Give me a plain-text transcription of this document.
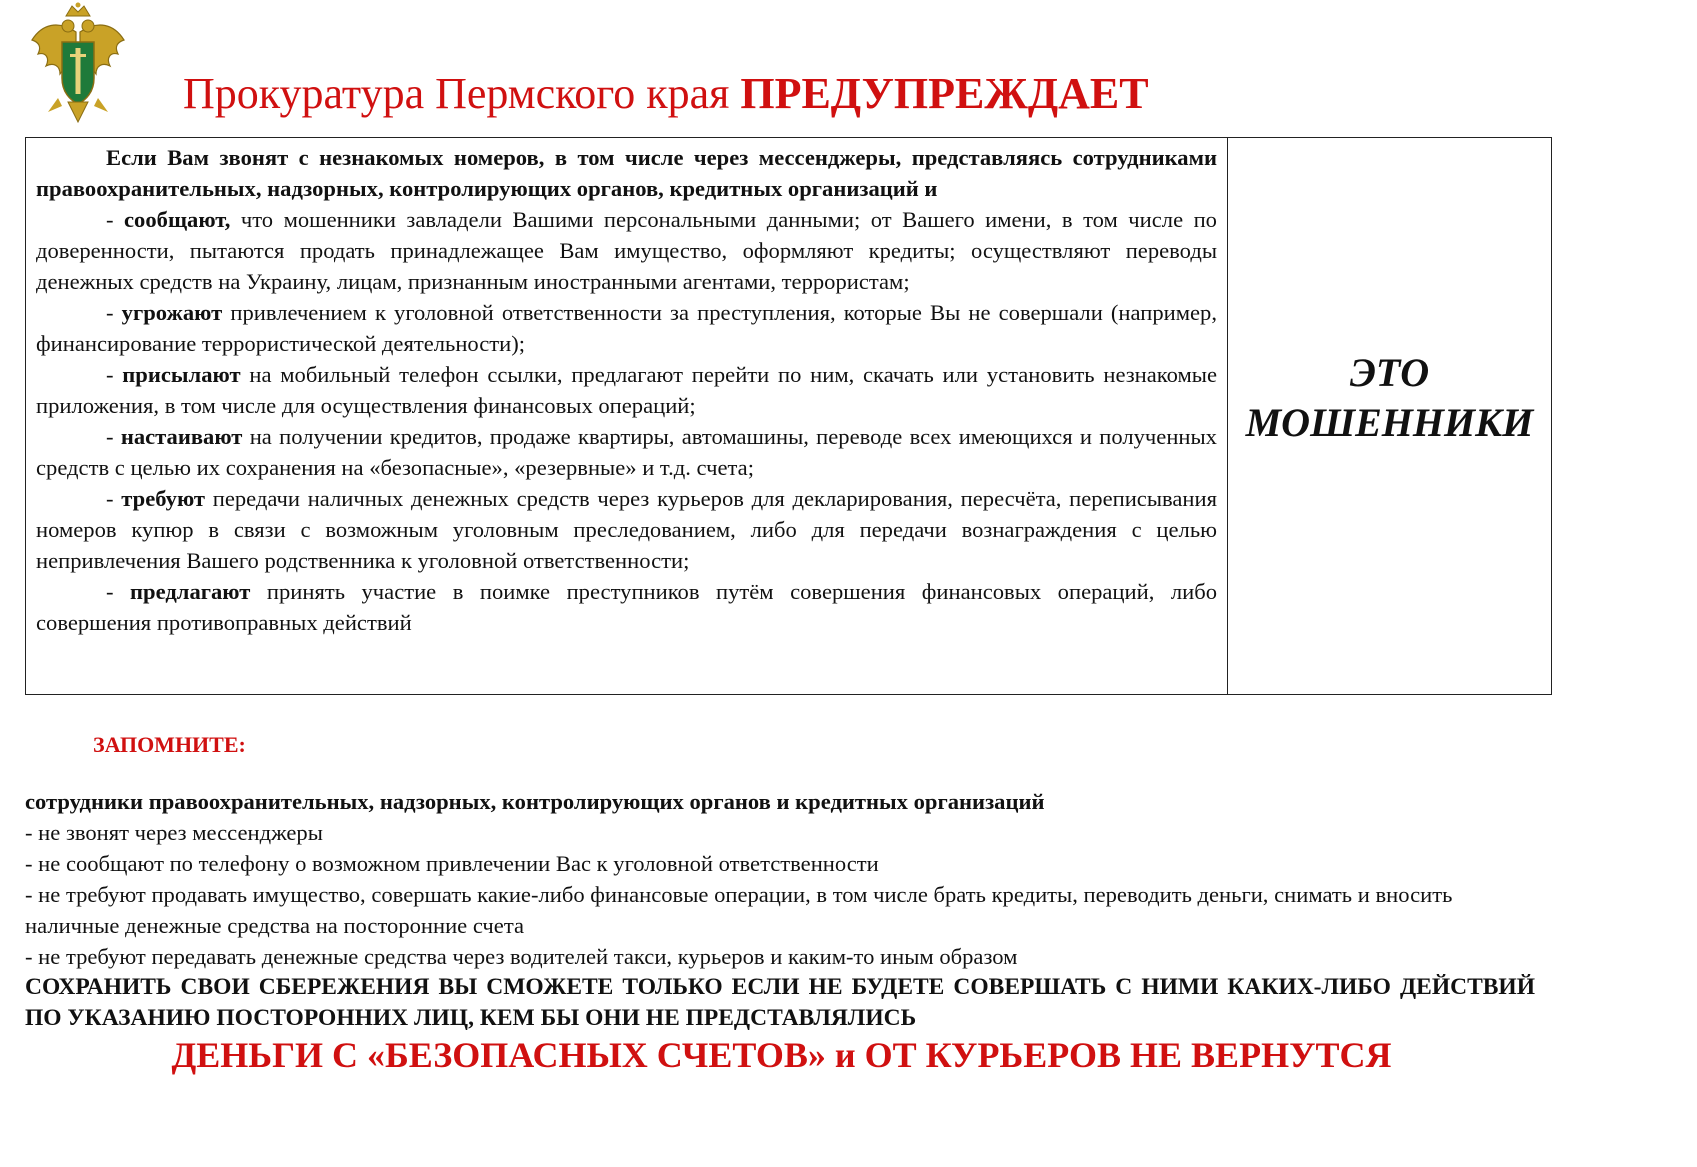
Прокуратура Пермского края ПРЕДУПРЕЖДАЕТ

Если Вам звонят с незнакомых номеров, в том числе через мессенджеры, представляясь сотрудниками правоохранительных, надзорных, контролирующих органов, кредитных организаций и

- сообщают, что мошенники завладели Вашими персональными данными; от Вашего имени, в том числе по доверенности, пытаются продать принадлежащее Вам имущество, оформляют кредиты; осуществляют переводы денежных средств на Украину, лицам, признанным иностранными агентами, террористам;

- угрожают привлечением к уголовной ответственности за преступления, которые Вы не совершали (например, финансирование террористической деятельности);

- присылают на мобильный телефон ссылки, предлагают перейти по ним, скачать или установить незнакомые приложения, в том числе для осуществления финансовых операций;

- настаивают на получении кредитов, продаже квартиры, автомашины, переводе всех имеющихся и полученных средств с целью их сохранения на «безопасные», «резервные» и т.д. счета;

- требуют передачи наличных денежных средств через курьеров для декларирования, пересчёта, переписывания номеров купюр в связи с возможным уголовным преследованием, либо для передачи вознаграждения с целью непривлечения Вашего родственника к уголовной ответственности;

- предлагают принять участие в поимке преступников путём совершения финансовых операций, либо совершения противоправных действий

ЭТО
МОШЕННИКИ
ЗАПОМНИТЕ:

сотрудники правоохранительных, надзорных, контролирующих органов и кредитных организаций

- не звонят через мессенджеры

- не сообщают по телефону о возможном привлечении Вас к уголовной ответственности

- не требуют продавать имущество, совершать какие-либо финансовые операции, в том числе брать кредиты, переводить деньги, снимать и вносить наличные денежные средства на посторонние счета

- не требуют передавать денежные средства через водителей такси, курьеров и каким-то иным образом

СОХРАНИТЬ СВОИ СБЕРЕЖЕНИЯ ВЫ СМОЖЕТЕ ТОЛЬКО ЕСЛИ НЕ БУДЕТЕ СОВЕРШАТЬ С НИМИ КАКИХ-ЛИБО ДЕЙСТВИЙ ПО УКАЗАНИЮ ПОСТОРОННИХ ЛИЦ, КЕМ БЫ ОНИ НЕ ПРЕДСТАВЛЯЛИСЬ

ДЕНЬГИ С «БЕЗОПАСНЫХ СЧЕТОВ» и ОТ КУРЬЕРОВ НЕ ВЕРНУТСЯ
